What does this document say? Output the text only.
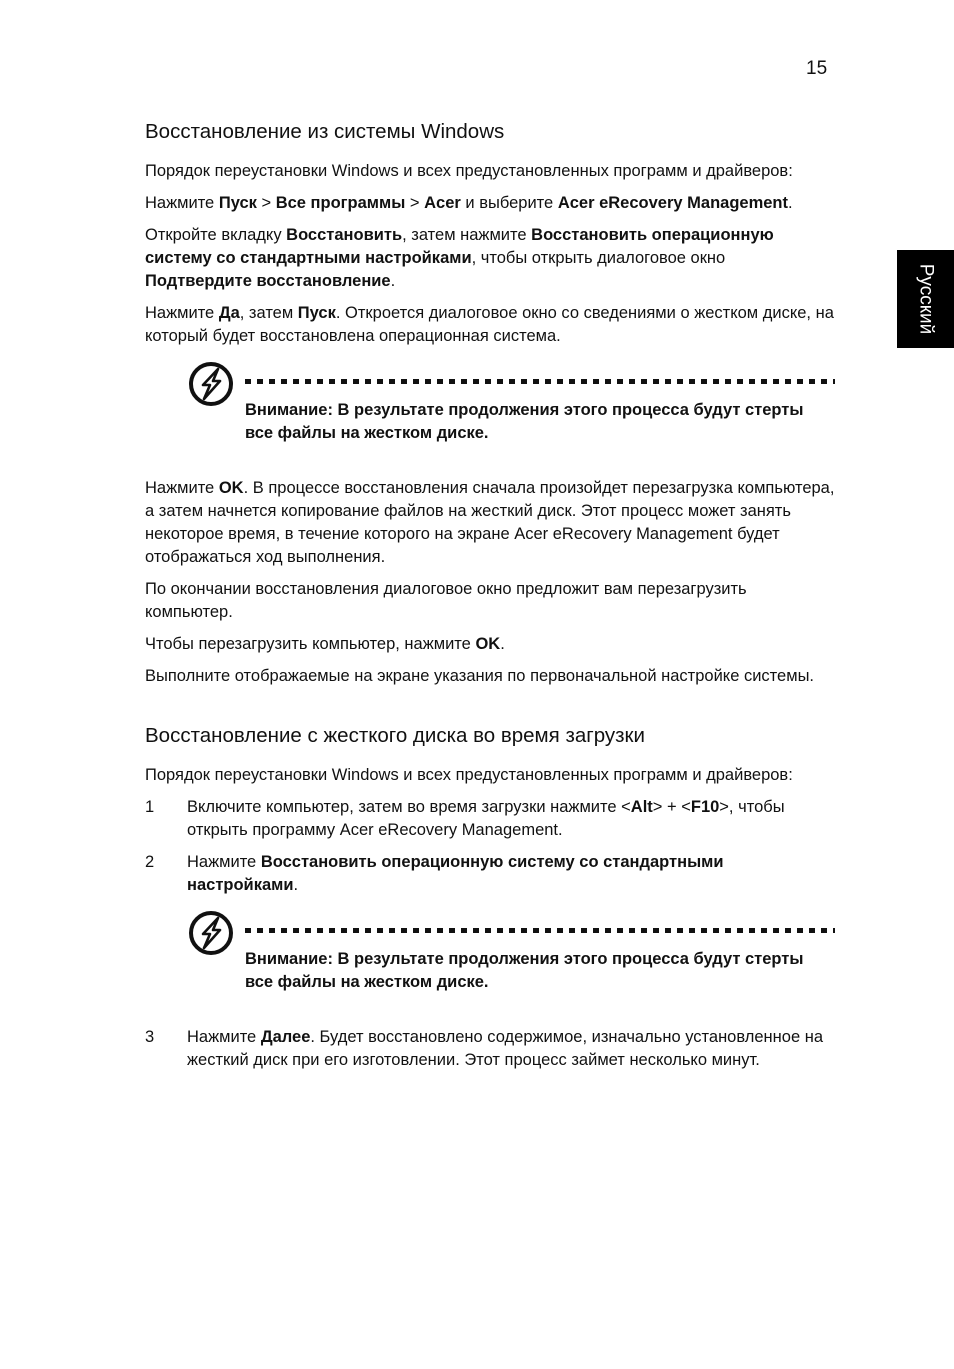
15
Русский
Восстановление из системы Windows

Порядок переустановки Windows и всех предустановленных программ и драйверов:

Нажмите Пуск > Все программы > Acer и выберите Acer eRecovery Management.

Откройте вкладку Восстановить, затем нажмите Восстановить операционную систему со стандартными настройками, чтобы открыть диалоговое окно Подтвердите восстановление.

Нажмите Да, затем Пуск. Откроется диалоговое окно со сведениями о жестком диске, на который будет восстановлена операционная система.

Внимание: В результате продолжения этого процесса будут стерты все файлы на жестком диске.

Нажмите OK. В процессе восстановления сначала произойдет перезагрузка компьютера, а затем начнется копирование файлов на жесткий диск. Этот процесс может занять некоторое время, в течение которого на экране Acer eRecovery Management будет отображаться ход выполнения.

По окончании восстановления диалоговое окно предложит вам перезагрузить компьютер.

Чтобы перезагрузить компьютер, нажмите OK.

Выполните отображаемые на экране указания по первоначальной настройке системы.

Восстановление с жесткого диска во время загрузки

Порядок переустановки Windows и всех предустановленных программ и драйверов:

1 Включите компьютер, затем во время загрузки нажмите <Alt> + <F10>, чтобы открыть программу Acer eRecovery Management.
2 Нажмите Восстановить операционную систему со стандартными настройками.

Внимание: В результате продолжения этого процесса будут стерты все файлы на жестком диске.

3 Нажмите Далее. Будет восстановлено содержимое, изначально установленное на жесткий диск при его изготовлении. Этот процесс займет несколько минут.
